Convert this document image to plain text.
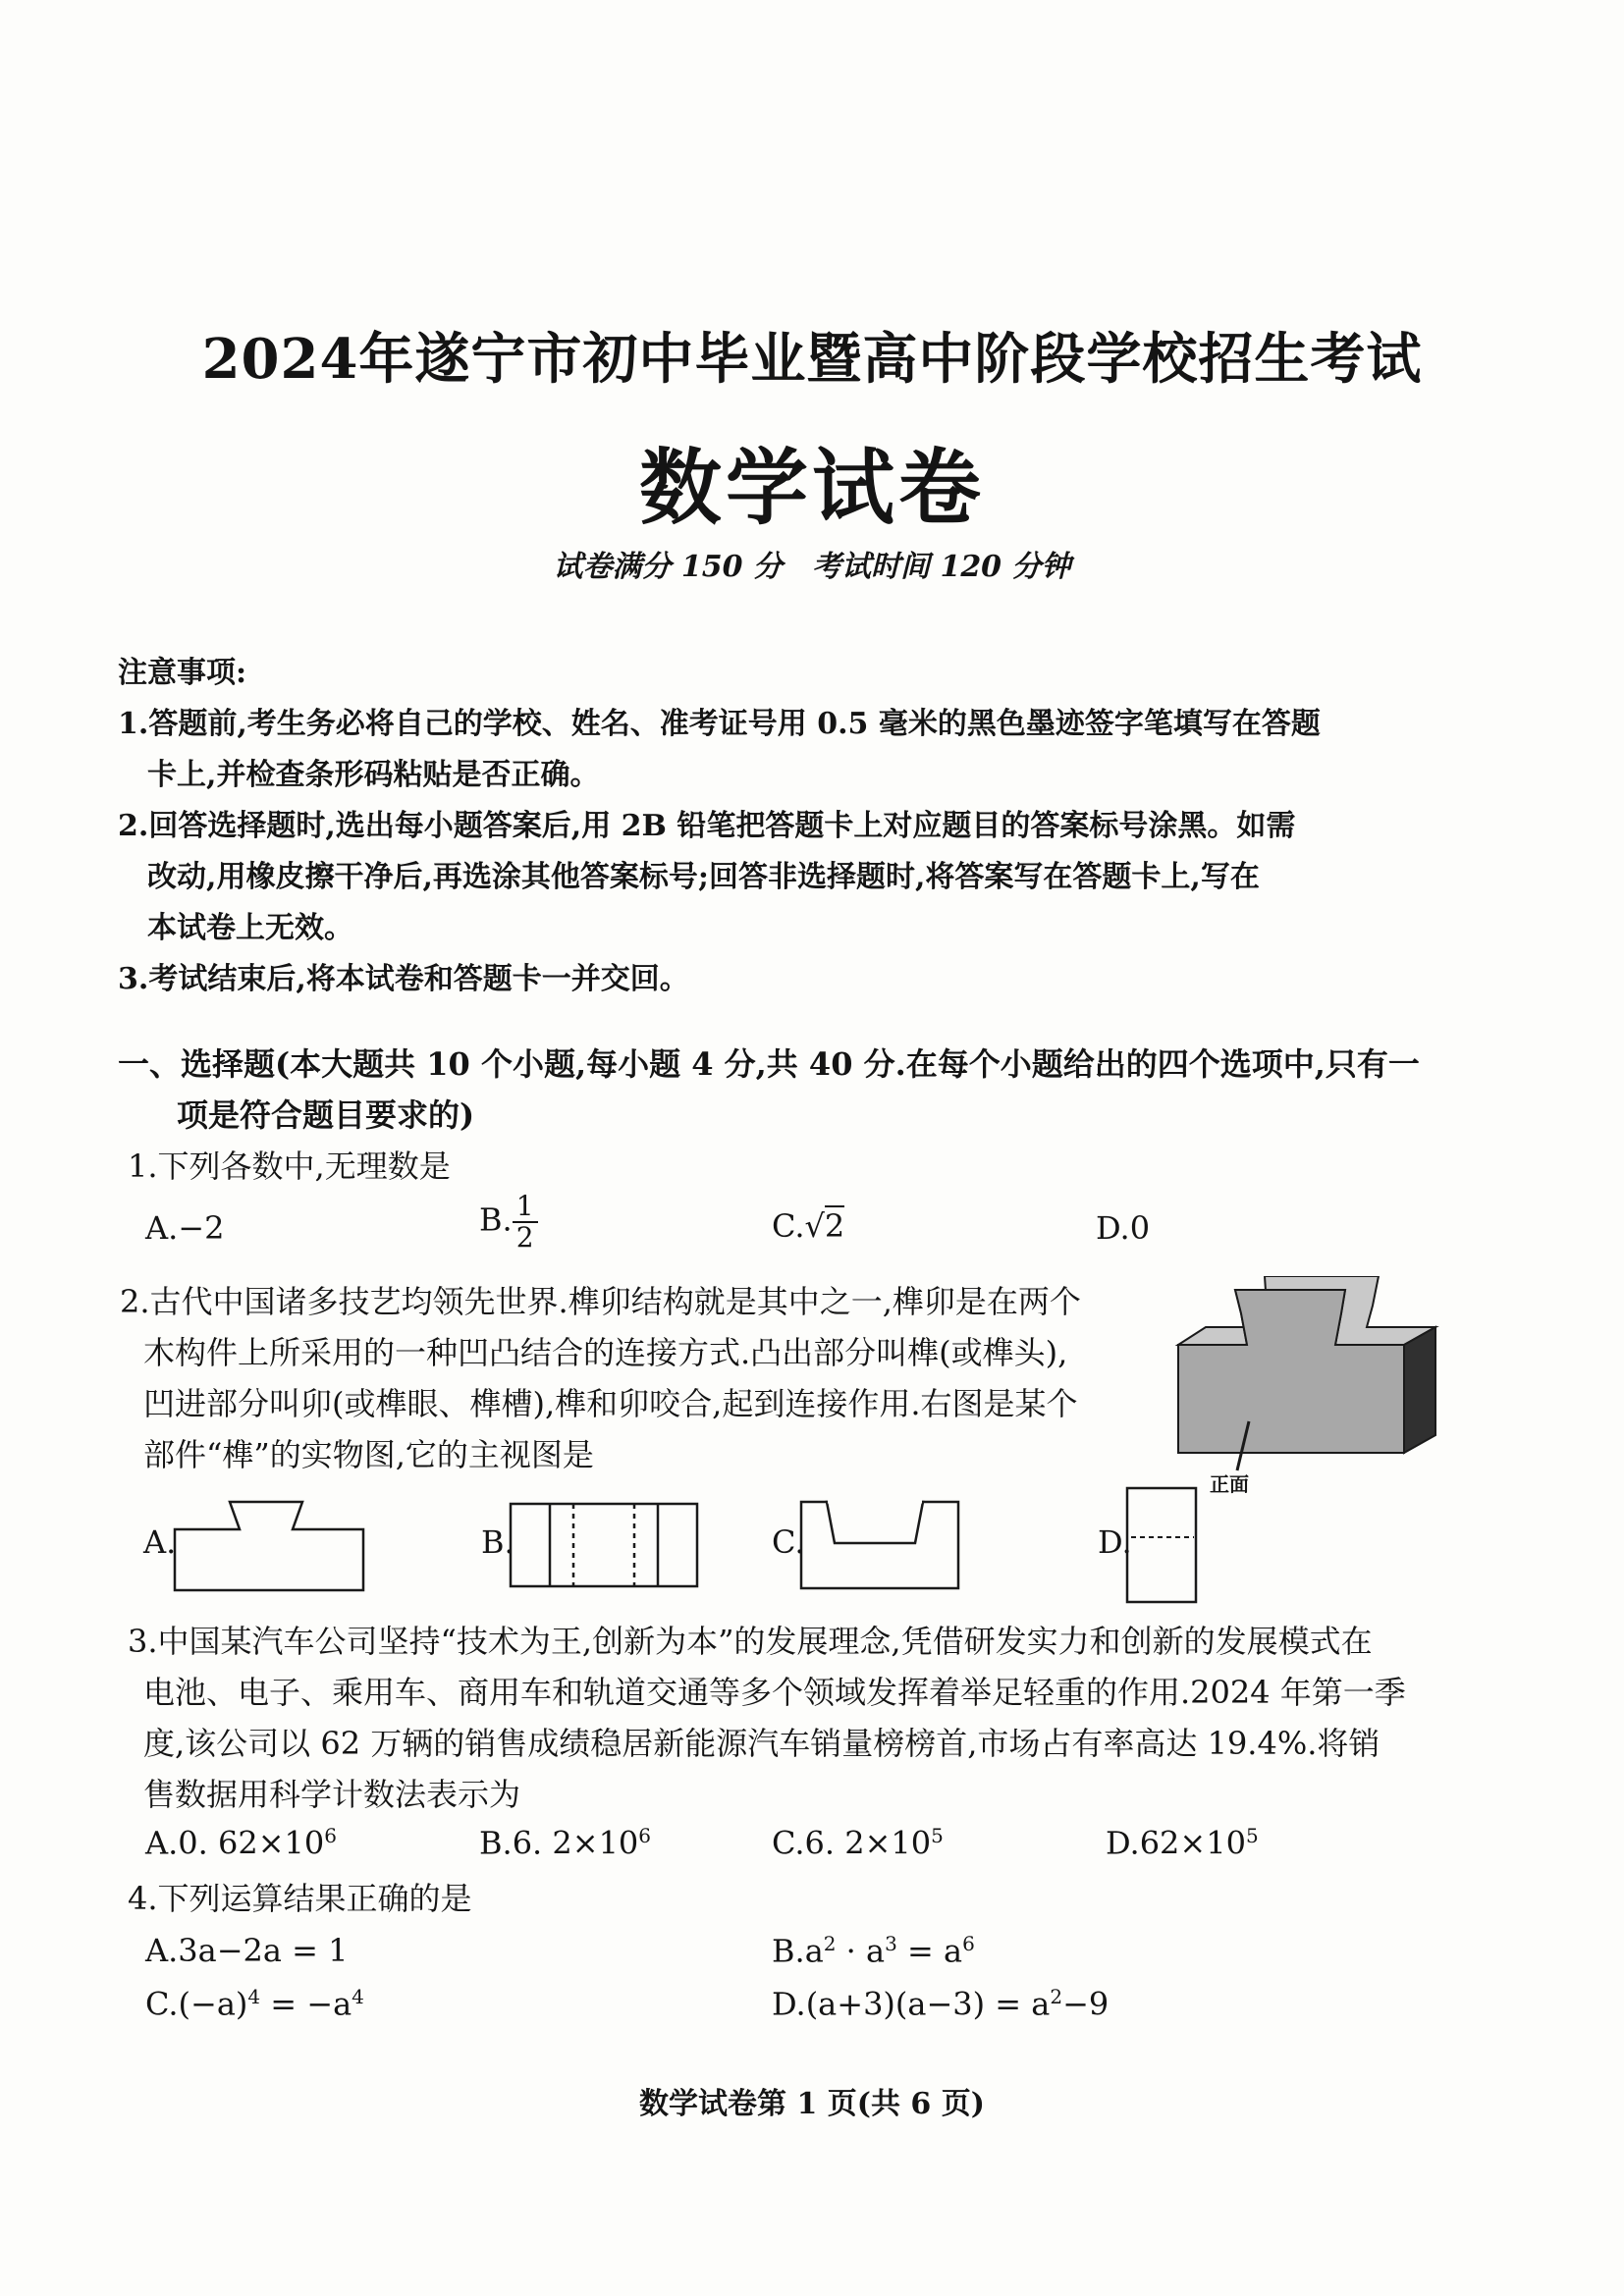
2024年遂宁市初中毕业暨高中阶段学校招生考试
数学试卷
试卷满分 150 分　考试时间 120 分钟
注意事项:
1.答题前,考生务必将自己的学校、姓名、准考证号用 0.5 毫米的黑色墨迹签字笔填写在答题
卡上,并检查条形码粘贴是否正确。
2.回答选择题时,选出每小题答案后,用 2B 铅笔把答题卡上对应题目的答案标号涂黑。如需
改动,用橡皮擦干净后,再选涂其他答案标号;回答非选择题时,将答案写在答题卡上,写在
本试卷上无效。
3.考试结束后,将本试卷和答题卡一并交回。
一、选择题(本大题共 10 个小题,每小题 4 分,共 40 分.在每个小题给出的四个选项中,只有一
项是符合题目要求的)
1.下列各数中,无理数是
A.−2	B. $\frac{1}{2}$	C.√2	D.0
2.古代中国诸多技艺均领先世界.榫卯结构就是其中之一,榫卯是在两个
木构件上所采用的一种凹凸结合的连接方式.凸出部分叫榫(或榫头),
凹进部分叫卯(或榫眼、榫槽),榫和卯咬合,起到连接作用.右图是某个
部件“榫”的实物图,它的主视图是
正面
A.	B.	C.	D.
3.中国某汽车公司坚持“技术为王,创新为本”的发展理念,凭借研发实力和创新的发展模式在
电池、电子、乘用车、商用车和轨道交通等多个领域发挥着举足轻重的作用.2024 年第一季
度,该公司以 62 万辆的销售成绩稳居新能源汽车销量榜榜首,市场占有率高达 19.4%.将销
售数据用科学计数法表示为
A.0. $62\times 10^6$	B.6. $2\times 10^6$	C.6. $2\times 10^5$	$D.62\times 10^5$
4.下列运算结果正确的是
A.3a−2a = 1	$B.a^2 \cdot a^3 = a^6$
$C.(-a)^4 = -a^4$	$D.(a+3)(a-3) = a^2-9$
数学试卷第 1 页(共 6 页)
